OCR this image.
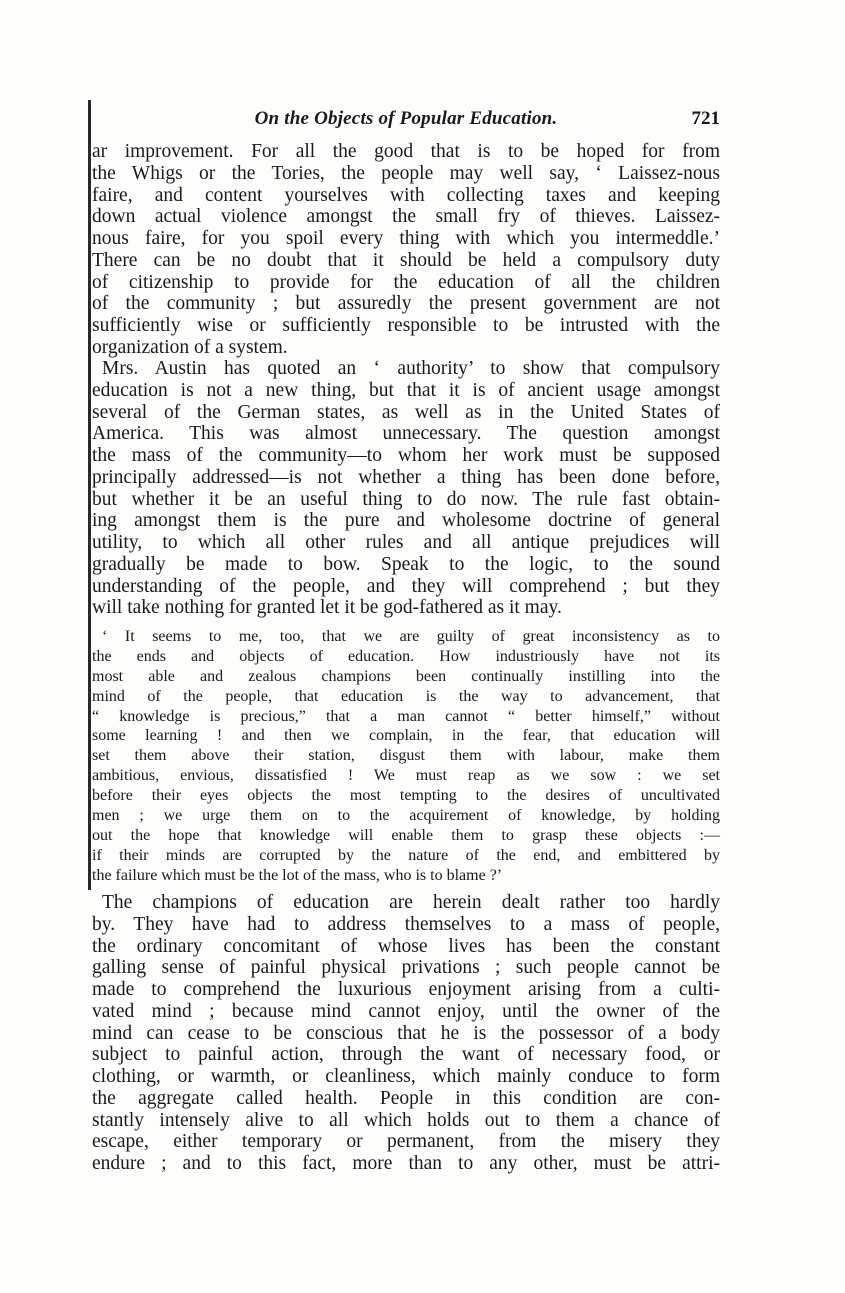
On the Objects of Popular Education.	721
ar improvement. For all the good that is to be hoped for from
the Whigs or the Tories, the people may well say, ‘ Laissez-nous
faire, and content yourselves with collecting taxes and keeping
down actual violence amongst the small fry of thieves. Laissez-
nous faire, for you spoil every thing with which you intermeddle.’
There can be no doubt that it should be held a compulsory duty
of citizenship to provide for the education of all the children
of the community ; but assuredly the present government are not
sufficiently wise or sufficiently responsible to be intrusted with the
organization of a system.
Mrs. Austin has quoted an ‘ authority’ to show that compulsory
education is not a new thing, but that it is of ancient usage amongst
several of the German states, as well as in the United States of
America. This was almost unnecessary. The question amongst
the mass of the community—to whom her work must be supposed
principally addressed—is not whether a thing has been done before,
but whether it be an useful thing to do now. The rule fast obtain-
ing amongst them is the pure and wholesome doctrine of general
utility, to which all other rules and all antique prejudices will
gradually be made to bow. Speak to the logic, to the sound
understanding of the people, and they will comprehend ; but they
will take nothing for granted let it be god-fathered as it may.
‘ It seems to me, too, that we are guilty of great inconsistency as to
the ends and objects of education. How industriously have not its
most able and zealous champions been continually instilling into the
mind of the people, that education is the way to advancement, that
“ knowledge is precious,” that a man cannot “ better himself,” without
some learning ! and then we complain, in the fear, that education will
set them above their station, disgust them with labour, make them
ambitious, envious, dissatisfied ! We must reap as we sow : we set
before their eyes objects the most tempting to the desires of uncultivated
men ; we urge them on to the acquirement of knowledge, by holding
out the hope that knowledge will enable them to grasp these objects :—
if their minds are corrupted by the nature of the end, and embittered by
the failure which must be the lot of the mass, who is to blame ?’
The champions of education are herein dealt rather too hardly
by. They have had to address themselves to a mass of people,
the ordinary concomitant of whose lives has been the constant
galling sense of painful physical privations ; such people cannot be
made to comprehend the luxurious enjoyment arising from a culti-
vated mind ; because mind cannot enjoy, until the owner of the
mind can cease to be conscious that he is the possessor of a body
subject to painful action, through the want of necessary food, or
clothing, or warmth, or cleanliness, which mainly conduce to form
the aggregate called health. People in this condition are con-
stantly intensely alive to all which holds out to them a chance of
escape, either temporary or permanent, from the misery they
endure ; and to this fact, more than to any other, must be attri-
